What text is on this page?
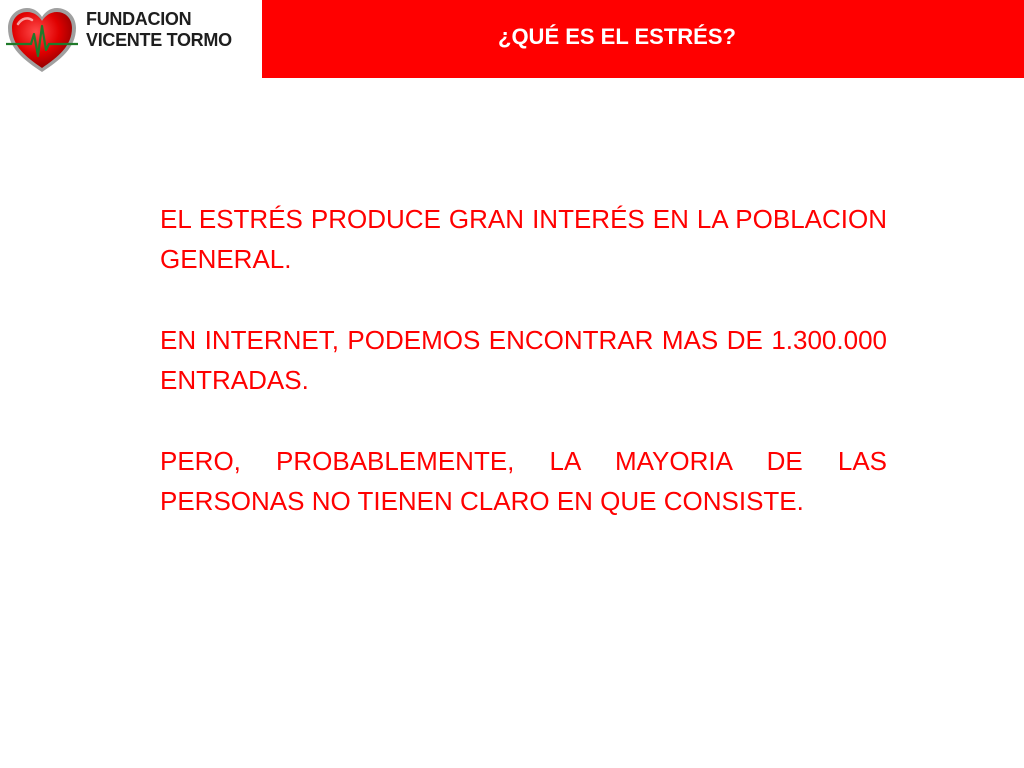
FUNDACION
VICENTE TORMO	¿QUÉ ES EL ESTRÉS?

EL ESTRÉS PRODUCE GRAN INTERÉS EN LA POBLACION GENERAL.

EN INTERNET, PODEMOS ENCONTRAR MAS DE 1.300.000 ENTRADAS.

PERO, PROBABLEMENTE, LA MAYORIA DE LAS PERSONAS NO TIENEN CLARO EN QUE CONSISTE.
